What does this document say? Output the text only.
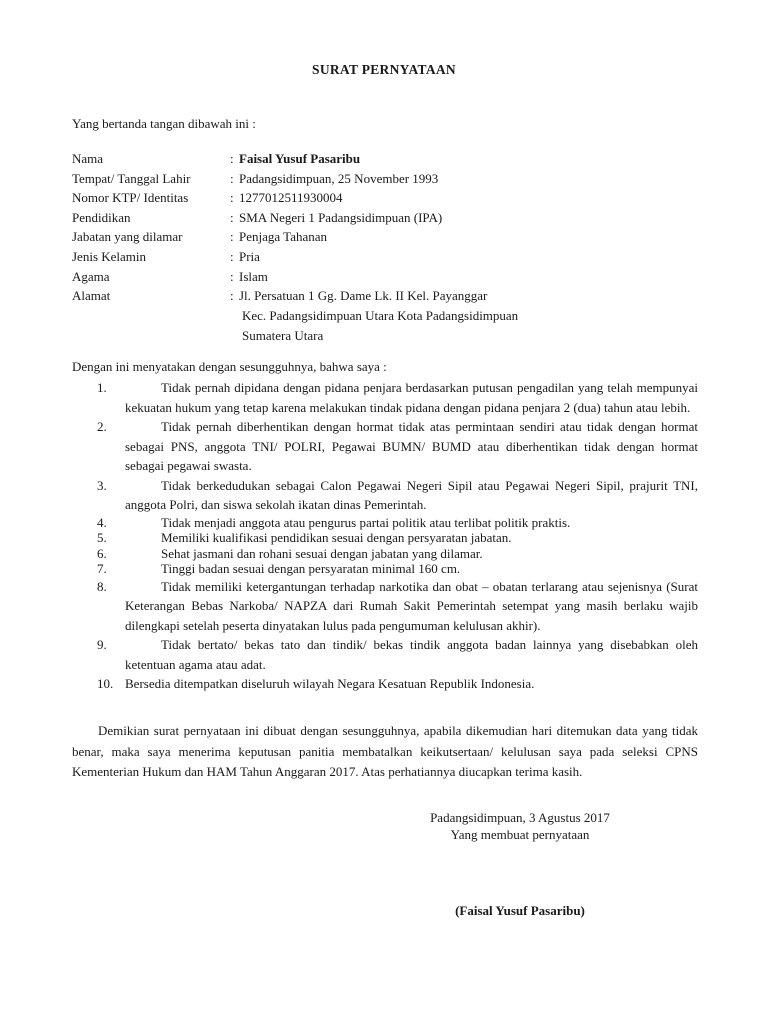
SURAT PERNYATAAN
Yang bertanda tangan dibawah ini :
Nama	: Faisal Yusuf Pasaribu
Tempat/ Tanggal Lahir	: Padangsidimpuan, 25 November 1993
Nomor KTP/ Identitas	: 1277012511930004
Pendidikan	: SMA Negeri 1 Padangsidimpuan (IPA)
Jabatan yang dilamar	: Penjaga Tahanan
Jenis Kelamin	: Pria
Agama	: Islam
Alamat	: Jl. Persatuan 1 Gg. Dame Lk. II Kel. Payanggar
Kec. Padangsidimpuan Utara Kota Padangsidimpuan
Sumatera Utara
Dengan ini menyatakan dengan sesungguhnya, bahwa saya :
1.	Tidak pernah dipidana dengan pidana penjara berdasarkan putusan pengadilan yang telah mempunyai kekuatan hukum yang tetap karena melakukan tindak pidana dengan pidana penjara 2 (dua) tahun atau lebih.
2.	Tidak pernah diberhentikan dengan hormat tidak atas permintaan sendiri atau tidak dengan hormat sebagai PNS, anggota TNI/ POLRI, Pegawai BUMN/ BUMD atau diberhentikan tidak dengan hormat sebagai pegawai swasta.
3.	Tidak berkedudukan sebagai Calon Pegawai Negeri Sipil atau Pegawai Negeri Sipil, prajurit TNI, anggota Polri, dan siswa sekolah ikatan dinas Pemerintah.
4.	Tidak menjadi anggota atau pengurus partai politik atau terlibat politik praktis.
5.	Memiliki kualifikasi pendidikan sesuai dengan persyaratan jabatan.
6.	Sehat jasmani dan rohani sesuai dengan jabatan yang dilamar.
7.	Tinggi badan sesuai dengan persyaratan minimal 160 cm.
8.	Tidak memiliki ketergantungan terhadap narkotika dan obat – obatan terlarang atau sejenisnya (Surat Keterangan Bebas Narkoba/ NAPZA dari Rumah Sakit Pemerintah setempat yang masih berlaku wajib dilengkapi setelah peserta dinyatakan lulus pada pengumuman kelulusan akhir).
9.	Tidak bertato/ bekas tato dan tindik/ bekas tindik anggota badan lainnya yang disebabkan oleh ketentuan agama atau adat.
10. Bersedia ditempatkan diseluruh wilayah Negara Kesatuan Republik Indonesia.
Demikian surat pernyataan ini dibuat dengan sesungguhnya, apabila dikemudian hari ditemukan data yang tidak benar, maka saya menerima keputusan panitia membatalkan keikutsertaan/ kelulusan saya pada seleksi CPNS Kementerian Hukum dan HAM Tahun Anggaran 2017. Atas perhatiannya diucapkan terima kasih.
Padangsidimpuan, 3 Agustus 2017
Yang membuat pernyataan
(Faisal Yusuf Pasaribu)
